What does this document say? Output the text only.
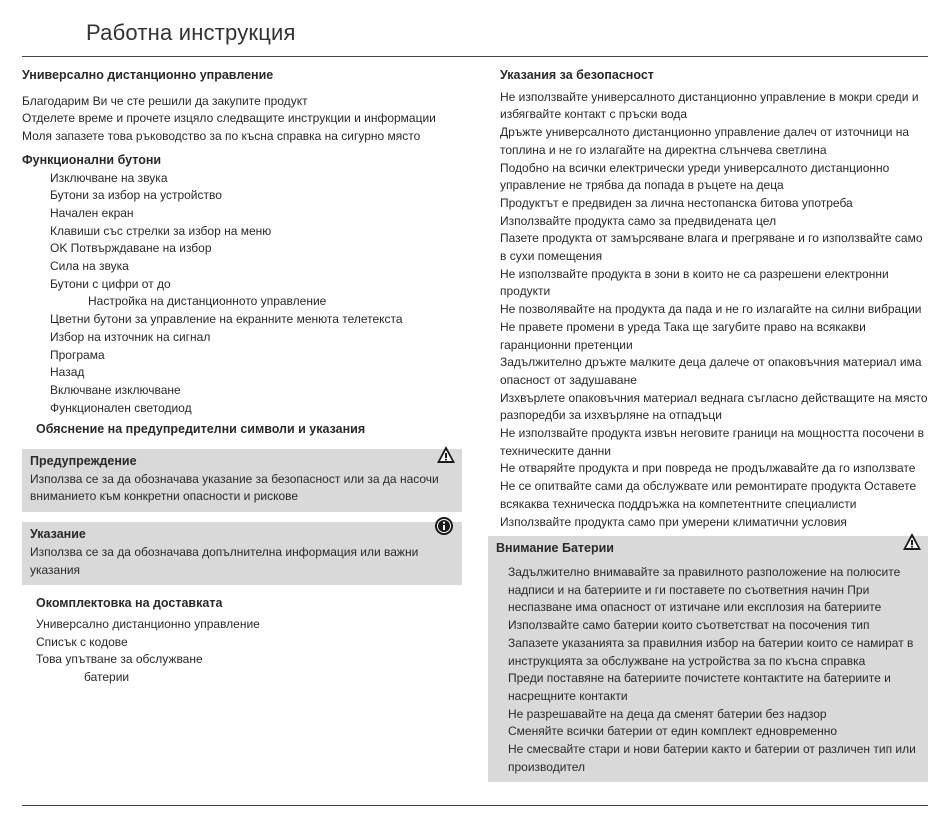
Работна инструкция

Универсално дистанционно управление

Благодарим Ви че сте решили да закупите продукт

Отделете време и прочете изцяло следващите инструкции и информации

Моля запазете това ръководство за по късна справка на сигурно място

Функционални бутони

Изключване на звука

Бутони за избор на устройство

Начален екран

Клавиши със стрелки за избор на меню

OK Потвърждаване на избор

Сила на звука

Бутони с цифри от до

Настройка на дистанционното управление

Цветни бутони за управление на екранните менюта телетекста

Избор на източник на сигнал

Програма

Назад

Включване изключване

Функционален светодиод

Обяснение на предупредителни символи и указания

Предупреждение
Използва се за да обозначава указание за безопасност или за да насочи вниманието към конкретни опасности и рискове
Указание
Използва се за да обозначава допълнителна информация или важни указания

Окомплектовка на доставката

Универсално дистанционно управление

Списък с кодове

Това упътване за обслужване

батерии

Указания за безопасност

Не използвайте универсалното дистанционно управление в мокри среди и избягвайте контакт с пръски вода

Дръжте универсалното дистанционно управление далеч от източници на топлина и не го излагайте на директна слънчева светлина

Подобно на всички електрически уреди универсалното дистанционно управление не трябва да попада в ръцете на деца

Продуктът е предвиден за лична нестопанска битова употреба

Използвайте продукта само за предвидената цел

Пазете продукта от замърсяване влага и прегряване и го използвайте само в сухи помещения

Не използвайте продукта в зони в които не са разрешени електронни продукти

Не позволявайте на продукта да пада и не го излагайте на силни вибрации

Не правете промени в уреда Така ще загубите право на всякакви гаранционни претенции

Задължително дръжте малките деца далече от опаковъчния материал има опасност от задушаване

Изхвърлете опаковъчния материал веднага съгласно действащите на място разпоредби за изхвърляне на отпадъци

Не използвайте продукта извън неговите граници на мощността посочени в техническите данни

Не отваряйте продукта и при повреда не продължавайте да го използвате

Не се опитвайте сами да обслужвате или ремонтирате продукта Оставете всякаква техническа поддръжка на компетентните специалисти

Използвайте продукта само при умерени климатични условия

Внимание Батерии

Задължително внимавайте за правилното разположение на полюсите надписи и на батериите и ги поставете по съответния начин При неспазване има опасност от изтичане или експлозия на батериите

Използвайте само батерии които съответстват на посочения тип

Запазете указанията за правилния избор на батерии които се намират в инструкцията за обслужване на устройства за по късна справка

Преди поставяне на батериите почистете контактите на батериите и насрещните контакти

Не разрешавайте на деца да сменят батерии без надзор

Сменяйте всички батерии от един комплект едновременно

Не смесвайте стари и нови батерии както и батерии от различен тип или производител
